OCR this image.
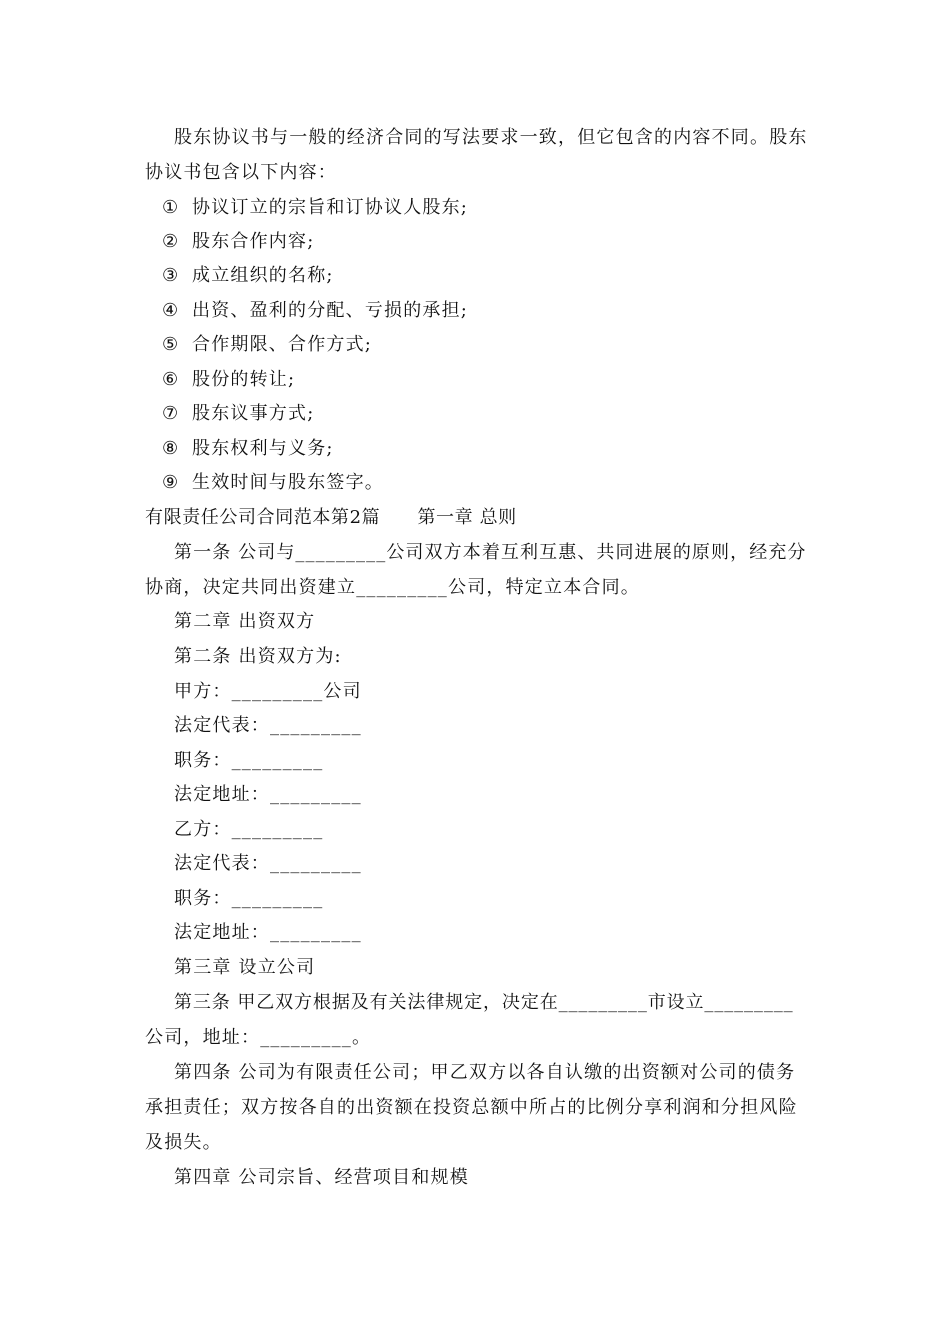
股东协议书与一般的经济合同的写法要求一致，但它包含的内容不同。股东
协议书包含以下内容：
① 协议订立的宗旨和订协议人股东;
② 股东合作内容;
③ 成立组织的名称;
④ 出资、盈利的分配、亏损的承担;
⑤ 合作期限、合作方式;
⑥ 股份的转让;
⑦ 股东议事方式;
⑧ 股东权利与义务;
⑨ 生效时间与股东签字。
有限责任公司合同范本第2篇　　第一章 总则
第一条 公司与_________公司双方本着互利互惠、共同进展的原则，经充分
协商，决定共同出资建立_________公司，特定立本合同。
第二章 出资双方
第二条 出资双方为:
甲方：_________公司
法定代表：_________
职务：_________
法定地址：_________
乙方：_________
法定代表：_________
职务：_________
法定地址：_________
第三章 设立公司
第三条 甲乙双方根据及有关法律规定，决定在_________市设立_________
公司，地址：_________。
第四条 公司为有限责任公司；甲乙双方以各自认缴的出资额对公司的债务
承担责任；双方按各自的出资额在投资总额中所占的比例分享利润和分担风险
及损失。
第四章 公司宗旨、经营项目和规模
